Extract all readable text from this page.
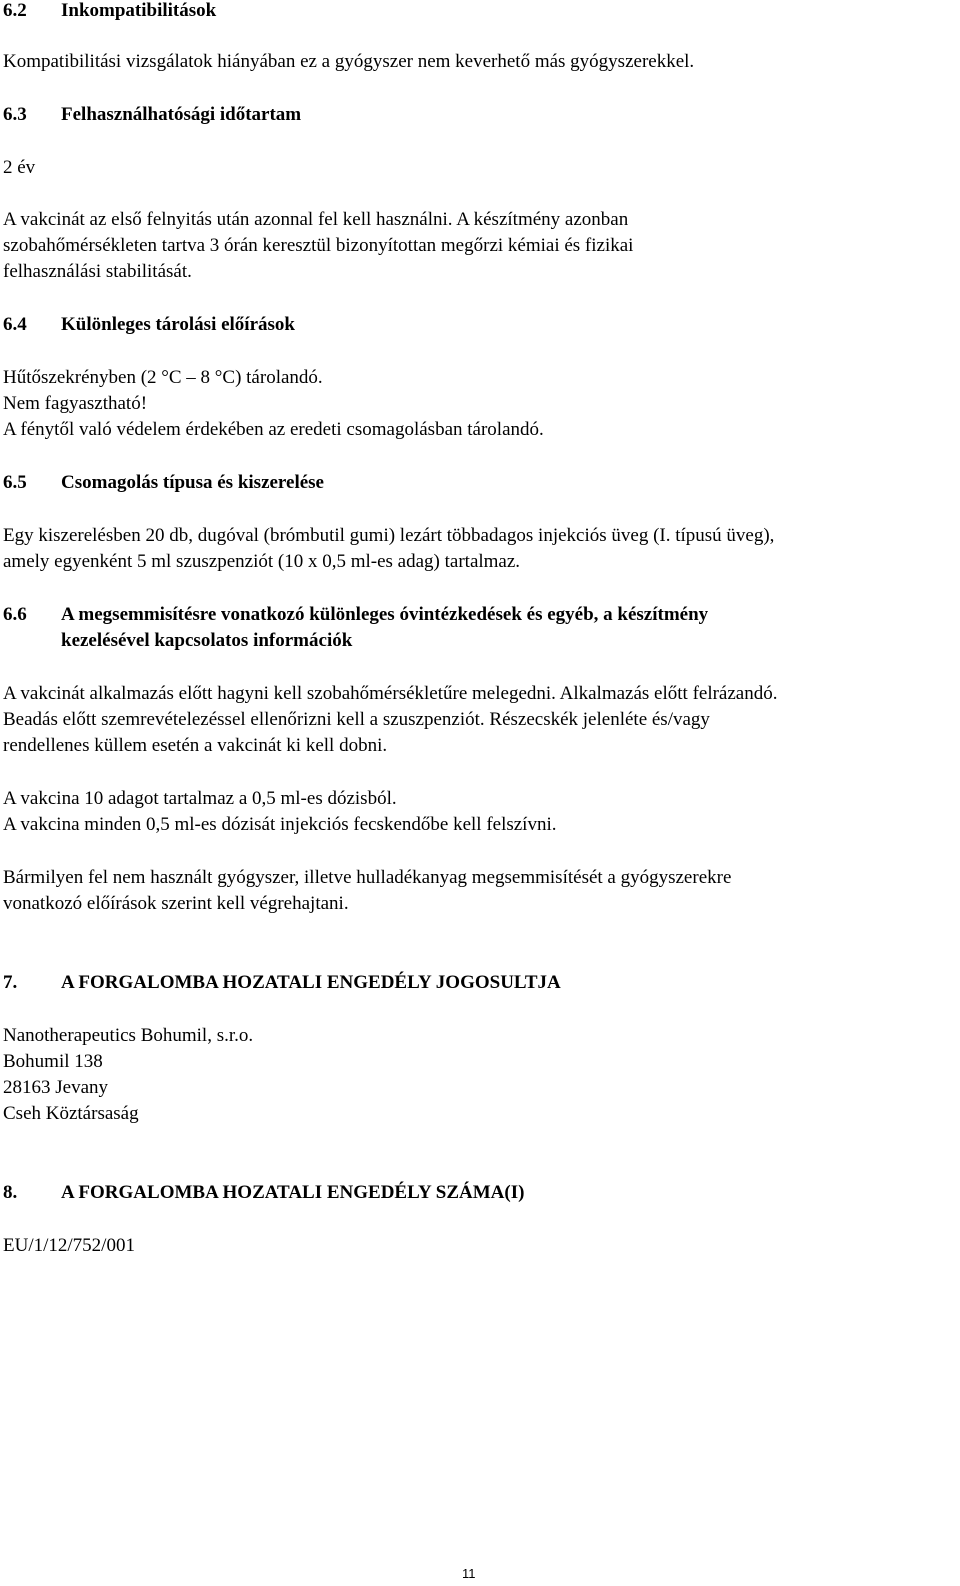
6.2 Inkompatibilitások
Kompatibilitási vizsgálatok hiányában ez a gyógyszer nem keverhető más gyógyszerekkel.
6.3 Felhasználhatósági időtartam
2 év
A vakcinát az első felnyitás után azonnal fel kell használni. A készítmény azonban
szobahőmérsékleten tartva 3 órán keresztül bizonyítottan megőrzi kémiai és fizikai
felhasználási stabilitását.
6.4 Különleges tárolási előírások
Hűtőszekrényben (2 °C – 8 °C) tárolandó.
Nem fagyasztható!
A fénytől való védelem érdekében az eredeti csomagolásban tárolandó.
6.5 Csomagolás típusa és kiszerelése
Egy kiszerelésben 20 db, dugóval (brómbutil gumi) lezárt többadagos injekciós üveg (I. típusú üveg),
amely egyenként 5 ml szuszpenziót (10 x 0,5 ml-es adag) tartalmaz.
6.6 A megsemmisítésre vonatkozó különleges óvintézkedések és egyéb, a készítmény
kezelésével kapcsolatos információk
A vakcinát alkalmazás előtt hagyni kell szobahőmérsékletűre melegedni. Alkalmazás előtt felrázandó.
Beadás előtt szemrevételezéssel ellenőrizni kell a szuszpenziót. Részecskék jelenléte és/vagy
rendellenes küllem esetén a vakcinát ki kell dobni.
A vakcina 10 adagot tartalmaz a 0,5 ml-es dózisból.
A vakcina minden 0,5 ml-es dózisát injekciós fecskendőbe kell felszívni.
Bármilyen fel nem használt gyógyszer, illetve hulladékanyag megsemmisítését a gyógyszerekre
vonatkozó előírások szerint kell végrehajtani.
7. A FORGALOMBA HOZATALI ENGEDÉLY JOGOSULTJA
Nanotherapeutics Bohumil, s.r.o.
Bohumil 138
28163 Jevany
Cseh Köztársaság
8. A FORGALOMBA HOZATALI ENGEDÉLY SZÁMA(I)
EU/1/12/752/001
11
